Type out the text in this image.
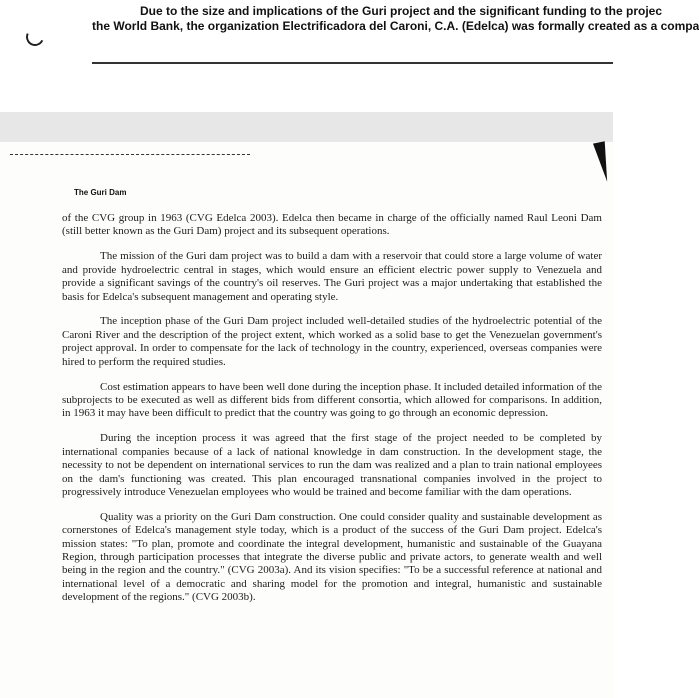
Due to the size and implications of the Guri project and the significant funding to the projec
the World Bank, the organization Electrificadora del Caroni, C.A. (Edelca) was formally created as a compa
The Guri Dam

of the CVG group in 1963 (CVG Edelca 2003). Edelca then became in charge of the officially named Raul Leoni Dam (still better known as the Guri Dam) project and its subsequent operations.

The mission of the Guri dam project was to build a dam with a reservoir that could store a large volume of water and provide hydroelectric central in stages, which would ensure an efficient electric power supply to Venezuela and provide a significant savings of the country's oil reserves. The Guri project was a major undertaking that established the basis for Edelca's subsequent management and operating style.

The inception phase of the Guri Dam project included well-detailed studies of the hydroelectric potential of the Caroni River and the description of the project extent, which worked as a solid base to get the Venezuelan government's project approval. In order to compensate for the lack of technology in the country, experienced, overseas companies were hired to perform the required studies.

Cost estimation appears to have been well done during the inception phase. It included detailed information of the subprojects to be executed as well as different bids from different consortia, which allowed for comparisons. In addition, in 1963 it may have been difficult to predict that the country was going to go through an economic depression.

During the inception process it was agreed that the first stage of the project needed to be completed by international companies because of a lack of national knowledge in dam construction. In the development stage, the necessity to not be dependent on international services to run the dam was realized and a plan to train national employees on the dam's functioning was created. This plan encouraged transnational companies involved in the project to progressively introduce Venezuelan employees who would be trained and become familiar with the dam operations.

Quality was a priority on the Guri Dam construction. One could consider quality and sustainable development as cornerstones of Edelca's management style today, which is a product of the success of the Guri Dam project. Edelca's mission states: "To plan, promote and coordinate the integral development, humanistic and sustainable of the Guayana Region, through participation processes that integrate the diverse public and private actors, to generate wealth and well being in the region and the country." (CVG 2003a). And its vision specifies: "To be a successful reference at national and international level of a democratic and sharing model for the promotion and integral, humanistic and sustainable development of the regions." (CVG 2003b).
